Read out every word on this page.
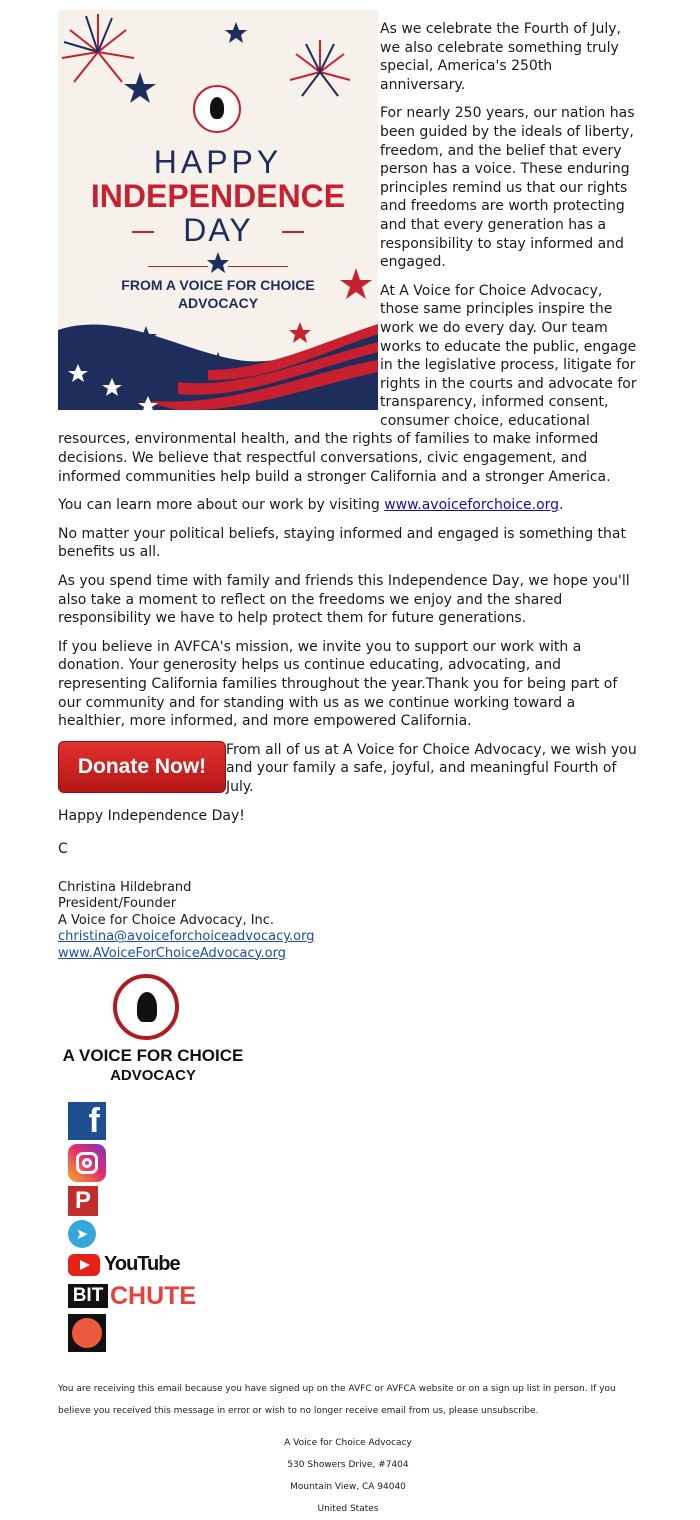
HAPPY
INDEPENDENCE
DAY
FROM A VOICE FOR CHOICE ADVOCACY

As we celebrate the Fourth of July, we also celebrate something truly special, America's 250th anniversary.

For nearly 250 years, our nation has been guided by the ideals of liberty, freedom, and the belief that every person has a voice. These enduring principles remind us that our rights and freedoms are worth protecting and that every generation has a responsibility to stay informed and engaged.

At A Voice for Choice Advocacy, those same principles inspire the work we do every day. Our team works to educate the public, engage in the legislative process, litigate for rights in the courts and advocate for transparency, informed consent, consumer choice, educational resources, environmental health, and the rights of families to make informed decisions. We believe that respectful conversations, civic engagement, and informed communities help build a stronger California and a stronger America.

You can learn more about our work by visiting www.avoiceforchoice.org.

No matter your political beliefs, staying informed and engaged is something that benefits us all.

As you spend time with family and friends this Independence Day, we hope you'll also take a moment to reflect on the freedoms we enjoy and the shared responsibility we have to help protect them for future generations.

If you believe in AVFCA's mission, we invite you to support our work with a donation. Your generosity helps us continue educating, advocating, and representing California families throughout the year.Thank you for being part of our community and for standing with us as we continue working toward a healthier, more informed, and more empowered California.

Donate Now!

From all of us at A Voice for Choice Advocacy, we wish you and your family a safe, joyful, and meaningful Fourth of July.

Happy Independence Day!

C

Christina Hildebrand

President/Founder

A Voice for Choice Advocacy, Inc.

christina@avoiceforchoiceadvocacy.org

www.AVoiceForChoiceAdvocacy.org

A VOICE FOR CHOICE
ADVOCACY
f
P
➤
YouTube
BIT CHUTE

You are receiving this email because you have signed up on the AVFC or AVFCA website or on a sign up list in person. If you believe you received this message in error or wish to no longer receive email from us, please unsubscribe.

A Voice for Choice Advocacy

530 Showers Drive, #7404

Mountain View, CA 94040

United States
